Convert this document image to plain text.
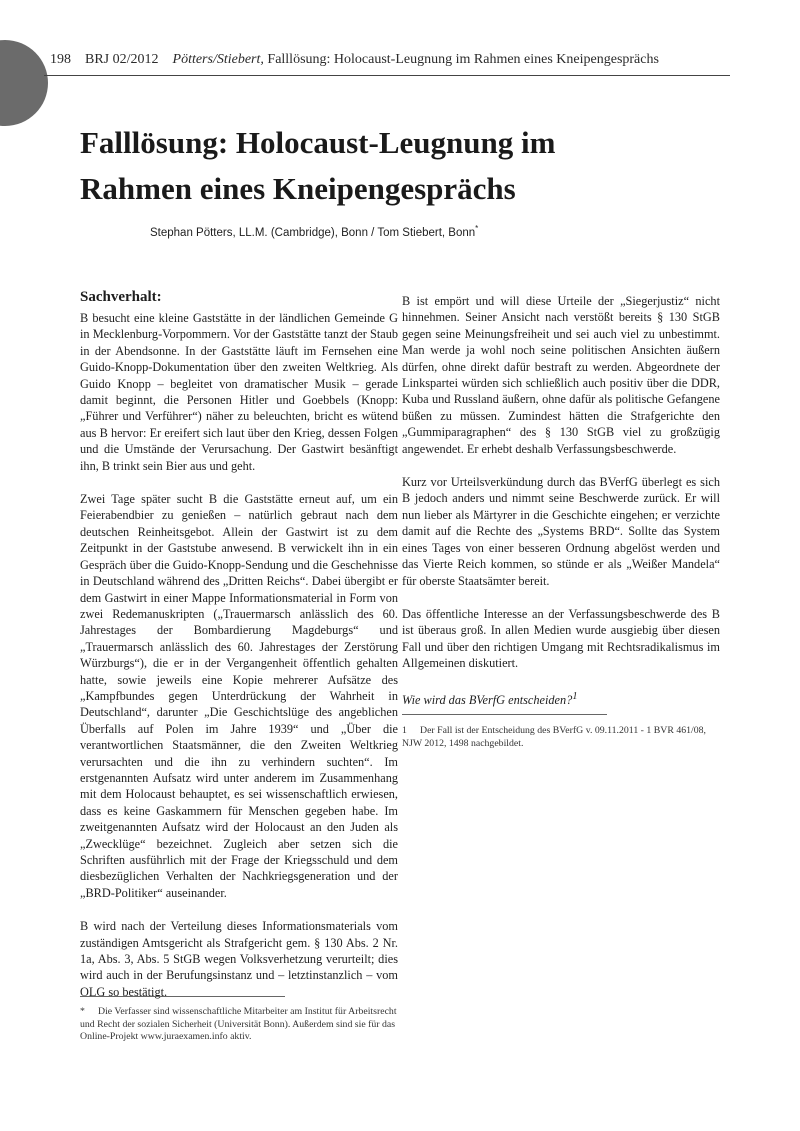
198 BRJ 02/2012 Pötters/Stiebert, Falllösung: Holocaust-Leugnung im Rahmen eines Kneipengesprächs
Falllösung: Holocaust-Leugnung im
Rahmen eines Kneipengesprächs
Stephan Pötters, LL.M. (Cambridge), Bonn / Tom Stiebert, Bonn*
Sachverhalt:

B besucht eine kleine Gaststätte in der ländlichen Gemeinde G in Mecklenburg-Vorpommern. Vor der Gaststätte tanzt der Staub in der Abendsonne. In der Gaststätte läuft im Fernsehen eine Guido-Knopp-Dokumentation über den zweiten Weltkrieg. Als Guido Knopp – begleitet von dramatischer Musik – gerade damit beginnt, die Personen Hitler und Goebbels (Knopp: „Führer und Verführer“) näher zu beleuchten, bricht es wütend aus B hervor: Er ereifert sich laut über den Krieg, dessen Folgen und die Umstände der Verursachung. Der Gastwirt besänftigt ihn, B trinkt sein Bier aus und geht.

Zwei Tage später sucht B die Gaststätte erneut auf, um ein Feierabendbier zu genießen – natürlich gebraut nach dem deutschen Reinheitsgebot. Allein der Gastwirt ist zu dem Zeitpunkt in der Gaststube anwesend. B verwickelt ihn in ein Gespräch über die Guido-Knopp-Sendung und die Geschehnisse in Deutschland während des „Dritten Reichs“. Dabei übergibt er dem Gastwirt in einer Mappe Informationsmaterial in Form von zwei Redemanuskripten („Trauermarsch anlässlich des 60. Jahrestages der Bombardierung Magdeburgs“ und „Trauermarsch anlässlich des 60. Jahrestages der Zerstörung Würzburgs“), die er in der Vergangenheit öffentlich gehalten hatte, sowie jeweils eine Kopie mehrerer Aufsätze des „Kampfbundes gegen Unterdrückung der Wahrheit in Deutschland“, darunter „Die Geschichtslüge des angeblichen Überfalls auf Polen im Jahre 1939“ und „Über die verantwortlichen Staatsmänner, die den Zweiten Weltkrieg verursachten und die ihn zu verhindern suchten“. Im erstgenannten Aufsatz wird unter anderem im Zusammenhang mit dem Holocaust behauptet, es sei wissenschaftlich erwiesen, dass es keine Gaskammern für Menschen gegeben habe. Im zweitgenannten Aufsatz wird der Holocaust an den Juden als „Zwecklüge“ bezeichnet. Zugleich aber setzen sich die Schriften ausführlich mit der Frage der Kriegsschuld und dem diesbezüglichen Verhalten der Nachkriegsgeneration und der „BRD-Politiker“ auseinander.

B wird nach der Verteilung dieses Informationsmaterials vom zuständigen Amtsgericht als Strafgericht gem. § 130 Abs. 2 Nr. 1a, Abs. 3, Abs. 5 StGB wegen Volksverhetzung verurteilt; dies wird auch in der Berufungsinstanz und – letztinstanzlich – vom OLG so bestätigt.

B ist empört und will diese Urteile der „Siegerjustiz“ nicht hinnehmen. Seiner Ansicht nach verstößt bereits § 130 StGB gegen seine Meinungsfreiheit und sei auch viel zu unbestimmt. Man werde ja wohl noch seine politischen Ansichten äußern dürfen, ohne direkt dafür bestraft zu werden. Abgeordnete der Linkspartei würden sich schließlich auch positiv über die DDR, Kuba und Russland äußern, ohne dafür als politische Gefangene büßen zu müssen. Zumindest hätten die Strafgerichte den „Gummiparagraphen“ des § 130 StGB viel zu großzügig angewendet. Er erhebt deshalb Verfassungsbeschwerde.

Kurz vor Urteilsverkündung durch das BVerfG überlegt es sich B jedoch anders und nimmt seine Beschwerde zurück. Er will nun lieber als Märtyrer in die Geschichte eingehen; er verzichte damit auf die Rechte des „Systems BRD“. Sollte das System eines Tages von einer besseren Ordnung abgelöst werden und das Vierte Reich kommen, so stünde er als „Weißer Mandela“ für oberste Staatsämter bereit.

Das öffentliche Interesse an der Verfassungsbeschwerde des B ist überaus groß. In allen Medien wurde ausgiebig über diesen Fall und über den richtigen Umgang mit Rechtsradikalismus im Allgemeinen diskutiert.

Wie wird das BVerfG entscheiden?$^1$

1 Der Fall ist der Entscheidung des BVerfG v. 09.11.2011 - 1 BVR 461/08, NJW 2012, 1498 nachgebildet.
* Die Verfasser sind wissenschaftliche Mitarbeiter am Institut für Arbeitsrecht und Recht der sozialen Sicherheit (Universität Bonn). Außerdem sind sie für das Online-Projekt www.juraexamen.info aktiv.
